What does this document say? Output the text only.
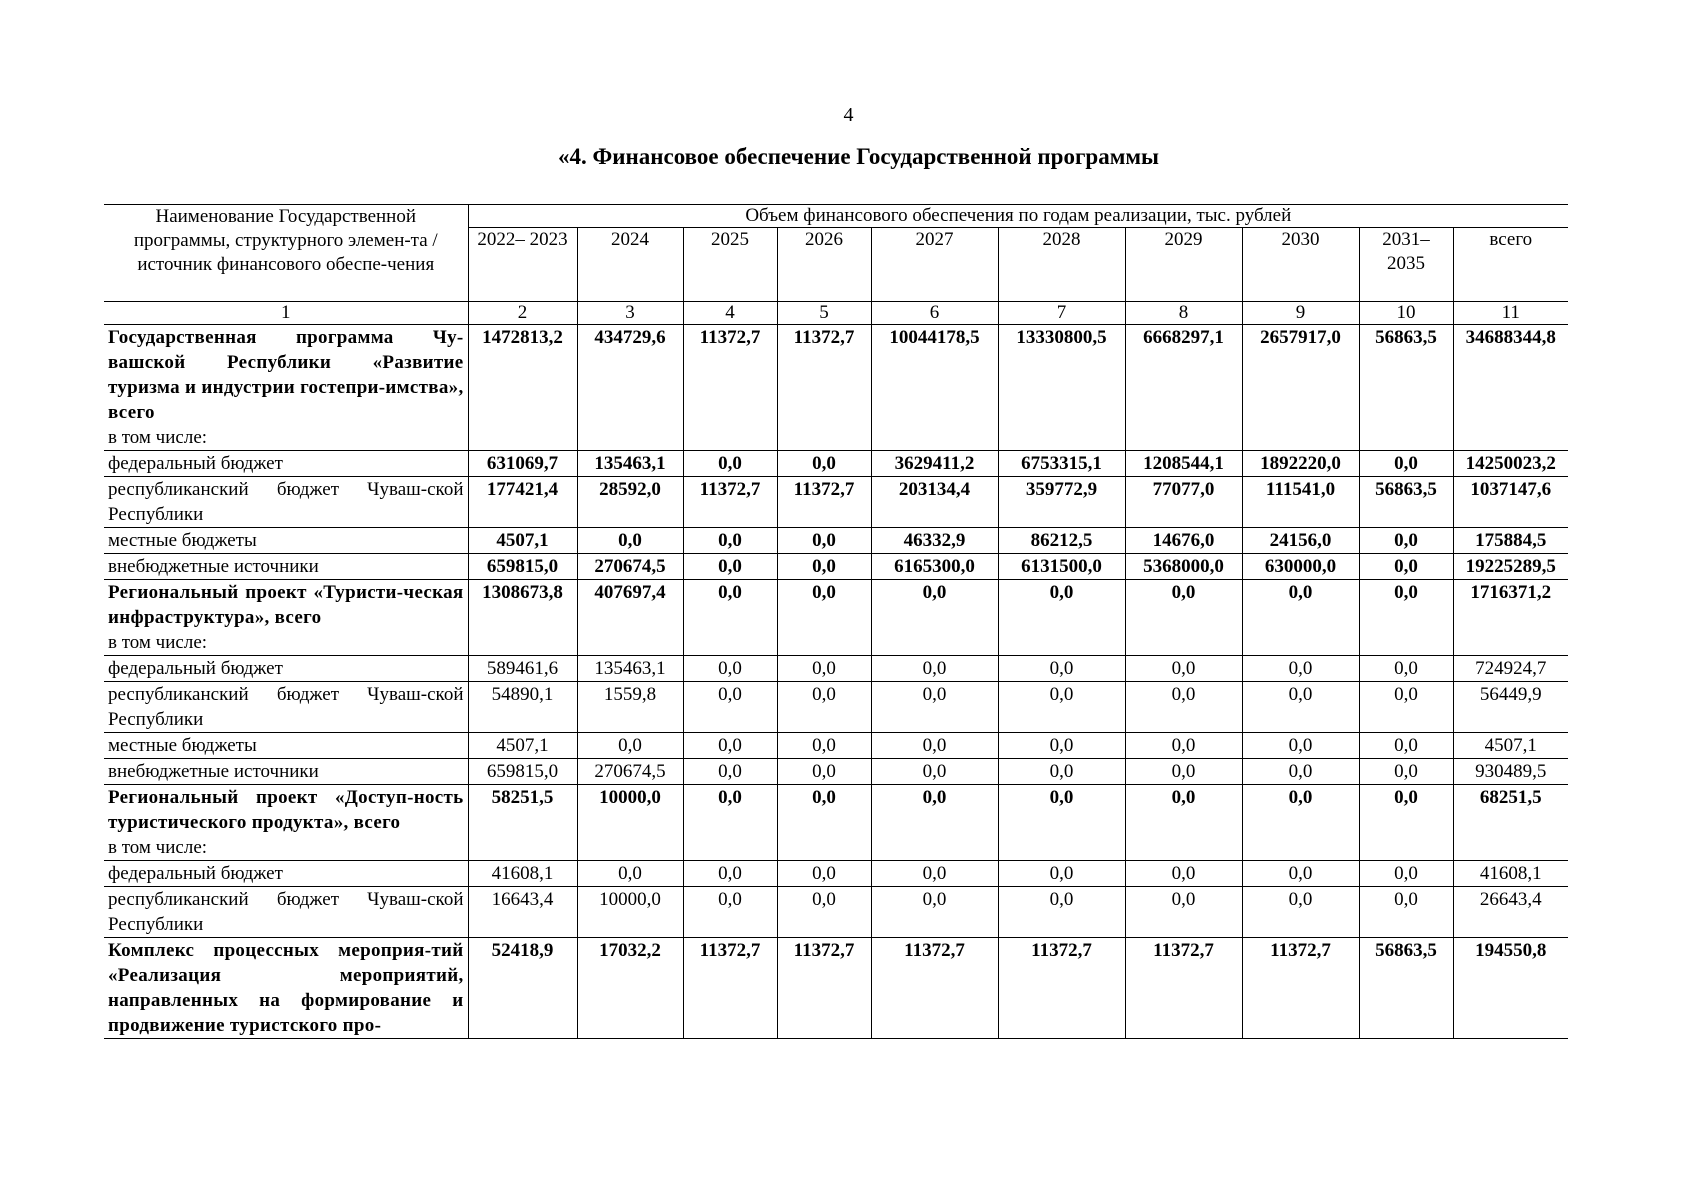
4
«4. Финансовое обеспечение Государственной программы
Наименование Государственной программы, структурного элемен-та / источник финансового обеспе-чения	Объем финансового обеспечения по годам реализации, тыс. рублей									
	2022– 2023	2024	2025	2026	2027	2028	2029	2030	2031– 2035	всего
1	2	3	4	5	6	7	8	9	10	11

Государственная программа Чу-вашской Республики «Развитие туризма и индустрии гостепри-имства», всего
в том числе:	1472813,2	434729,6	11372,7	11372,7	10044178,5	13330800,5	6668297,1	2657917,0	56863,5	34688344,8

федеральный бюджет	631069,7	135463,1	0,0	0,0	3629411,2	6753315,1	1208544,1	1892220,0	0,0	14250023,2

республиканский бюджет Чуваш-ской Республики	177421,4	28592,0	11372,7	11372,7	203134,4	359772,9	77077,0	111541,0	56863,5	1037147,6

местные бюджеты	4507,1	0,0	0,0	0,0	46332,9	86212,5	14676,0	24156,0	0,0	175884,5

внебюджетные источники	659815,0	270674,5	0,0	0,0	6165300,0	6131500,0	5368000,0	630000,0	0,0	19225289,5

Региональный проект «Туристи-ческая инфраструктура», всего
в том числе:	1308673,8	407697,4	0,0	0,0	0,0	0,0	0,0	0,0	0,0	1716371,2

федеральный бюджет	589461,6	135463,1	0,0	0,0	0,0	0,0	0,0	0,0	0,0	724924,7

республиканский бюджет Чуваш-ской Республики	54890,1	1559,8	0,0	0,0	0,0	0,0	0,0	0,0	0,0	56449,9

местные бюджеты	4507,1	0,0	0,0	0,0	0,0	0,0	0,0	0,0	0,0	4507,1

внебюджетные источники	659815,0	270674,5	0,0	0,0	0,0	0,0	0,0	0,0	0,0	930489,5

Региональный проект «Доступ-ность туристического продукта», всего
в том числе:	58251,5	10000,0	0,0	0,0	0,0	0,0	0,0	0,0	0,0	68251,5

федеральный бюджет	41608,1	0,0	0,0	0,0	0,0	0,0	0,0	0,0	0,0	41608,1

республиканский бюджет Чуваш-ской Республики	16643,4	10000,0	0,0	0,0	0,0	0,0	0,0	0,0	0,0	26643,4

Комплекс процессных мероприя-тий «Реализация мероприятий, направленных на формирование и продвижение туристского про-	52418,9	17032,2	11372,7	11372,7	11372,7	11372,7	11372,7	11372,7	56863,5	194550,8
